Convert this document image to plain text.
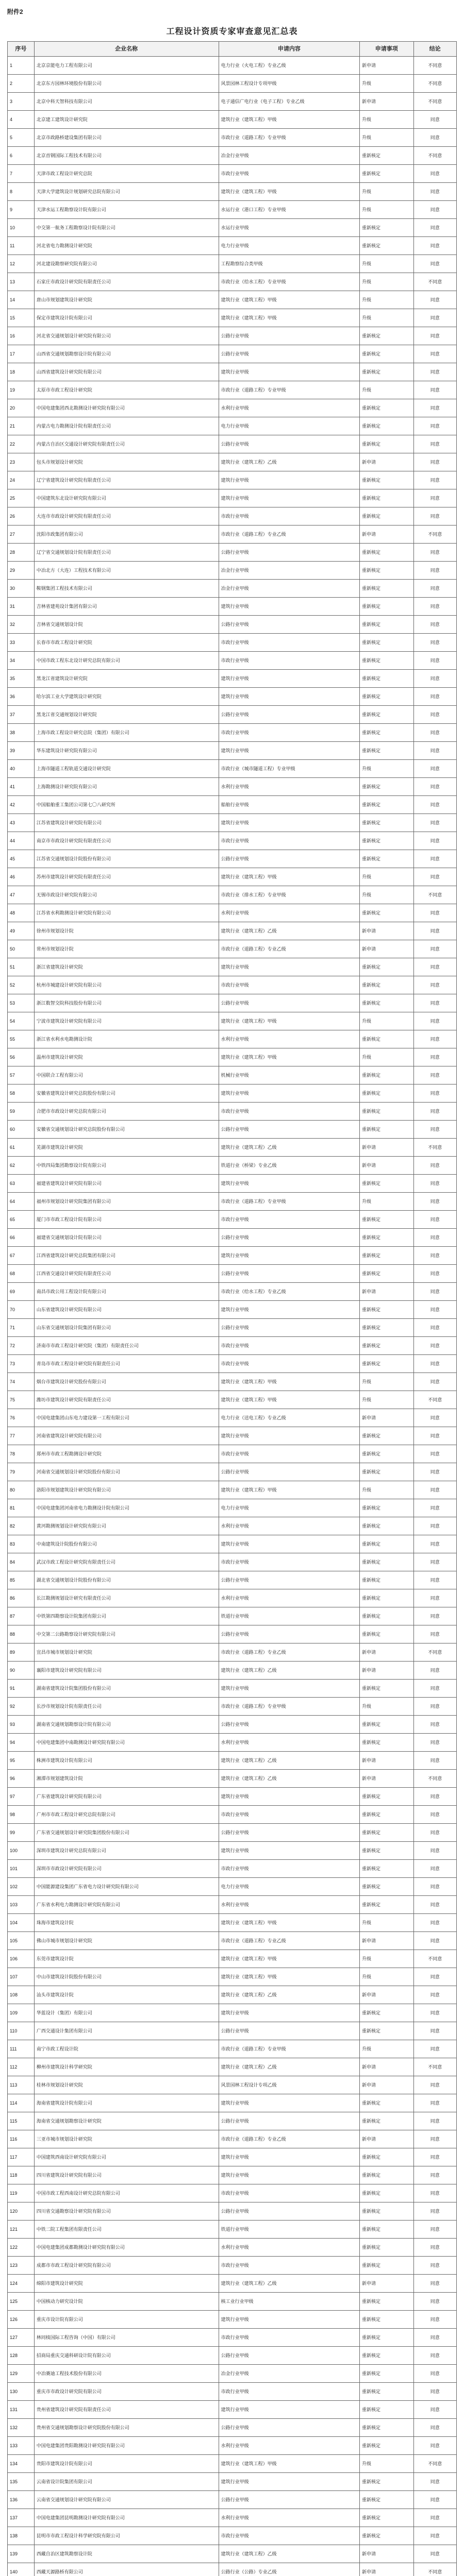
附件2
工程设计资质专家审查意见汇总表
序号	企业名称	申请内容	申请事项	结论
1	北京京能电力工程有限公司	电力行业（火电工程）专业乙级	新申请	不同意
2	北京东方园林环境股份有限公司	风景园林工程设计专项甲级	升级	不同意
3	北京中科天智科技有限公司	电子通信广电行业（电子工程）专业乙级	新申请	不同意
4	北京建工建筑设计研究院	建筑行业（建筑工程）甲级	升级	同意
5	北京市政路桥建设集团有限公司	市政行业（道路工程）专业甲级	升级	同意
6	北京首钢国际工程技术有限公司	冶金行业甲级	重新核定	不同意
7	天津市政工程设计研究总院	市政行业甲级	重新核定	同意
8	天津大学建筑设计规划研究总院有限公司	建筑行业（建筑工程）甲级	升级	同意
9	天津水运工程勘察设计院有限公司	水运行业（港口工程）专业甲级	升级	同意
10	中交第一航务工程勘察设计院有限公司	水运行业甲级	重新核定	同意
11	河北省电力勘测设计研究院	电力行业甲级	重新核定	同意
12	河北建设勘察研究院有限公司	工程勘察综合类甲级	升级	同意
13	石家庄市政设计研究院有限责任公司	市政行业（给水工程）专业甲级	升级	不同意
14	唐山市规划建筑设计研究院	建筑行业（建筑工程）甲级	升级	同意
15	保定市建筑设计院有限公司	建筑行业（建筑工程）甲级	升级	同意
16	河北省交通规划设计研究院有限公司	公路行业甲级	重新核定	同意
17	山西省交通规划勘察设计院有限公司	公路行业甲级	重新核定	同意
18	山西省建筑设计研究院有限公司	建筑行业甲级	重新核定	同意
19	太原市市政工程设计研究院	市政行业（道路工程）专业甲级	升级	同意
20	中国电建集团西北勘测设计研究院有限公司	水利行业甲级	重新核定	同意
21	内蒙古电力勘测设计院有限责任公司	电力行业甲级	重新核定	同意
22	内蒙古自治区交通设计研究院有限责任公司	公路行业甲级	重新核定	同意
23	包头市规划设计研究院	建筑行业（建筑工程）乙级	新申请	同意
24	辽宁省建筑设计研究院有限责任公司	建筑行业甲级	重新核定	同意
25	中国建筑东北设计研究院有限公司	建筑行业甲级	重新核定	同意
26	大连市市政设计研究院有限责任公司	市政行业甲级	重新核定	同意
27	沈阳市政集团有限公司	市政行业（道路工程）专业乙级	新申请	不同意
28	辽宁省交通规划设计院有限责任公司	公路行业甲级	重新核定	同意
29	中冶北方（大连）工程技术有限公司	冶金行业甲级	重新核定	同意
30	鞍钢集团工程技术有限公司	冶金行业甲级	重新核定	同意
31	吉林省建苑设计集团有限公司	建筑行业甲级	重新核定	同意
32	吉林省交通规划设计院	公路行业甲级	重新核定	同意
33	长春市市政工程设计研究院	市政行业甲级	重新核定	同意
34	中国市政工程东北设计研究总院有限公司	市政行业甲级	重新核定	同意
35	黑龙江省建筑设计研究院	建筑行业甲级	重新核定	同意
36	哈尔滨工业大学建筑设计研究院	建筑行业甲级	重新核定	同意
37	黑龙江省交通规划设计研究院	公路行业甲级	重新核定	同意
38	上海市政工程设计研究总院（集团）有限公司	市政行业甲级	重新核定	同意
39	华东建筑设计研究院有限公司	建筑行业甲级	重新核定	同意
40	上海市隧道工程轨道交通设计研究院	市政行业（城市隧道工程）专业甲级	升级	同意
41	上海勘测设计研究院有限公司	水利行业甲级	重新核定	同意
42	中国船舶重工集团公司第七〇八研究所	船舶行业甲级	重新核定	同意
43	江苏省建筑设计研究院有限公司	建筑行业甲级	重新核定	同意
44	南京市市政设计研究院有限责任公司	市政行业甲级	重新核定	同意
45	江苏省交通规划设计院股份有限公司	公路行业甲级	重新核定	同意
46	苏州市建筑设计研究院有限责任公司	建筑行业（建筑工程）甲级	升级	同意
47	无锡市政设计研究院有限公司	市政行业（排水工程）专业甲级	升级	不同意
48	江苏省水利勘测设计研究院有限公司	水利行业甲级	重新核定	同意
49	徐州市规划设计院	建筑行业（建筑工程）乙级	新申请	同意
50	常州市规划设计院	市政行业（道路工程）专业乙级	新申请	同意
51	浙江省建筑设计研究院	建筑行业甲级	重新核定	同意
52	杭州市城建设计研究院有限公司	市政行业甲级	重新核定	同意
53	浙江数智交院科技股份有限公司	公路行业甲级	重新核定	同意
54	宁波市建筑设计研究院有限公司	建筑行业（建筑工程）甲级	升级	同意
55	浙江省水利水电勘测设计院	水利行业甲级	重新核定	同意
56	温州市建筑设计研究院	建筑行业（建筑工程）甲级	升级	同意
57	中国联合工程有限公司	机械行业甲级	重新核定	同意
58	安徽省建筑设计研究总院股份有限公司	建筑行业甲级	重新核定	同意
59	合肥市市政设计研究总院有限公司	市政行业甲级	重新核定	同意
60	安徽省交通规划设计研究总院股份有限公司	公路行业甲级	重新核定	同意
61	芜湖市建筑设计研究院	建筑行业（建筑工程）乙级	新申请	不同意
62	中铁四局集团勘察设计院有限公司	铁道行业（桥梁）专业乙级	新申请	同意
63	福建省建筑设计研究院有限公司	建筑行业甲级	重新核定	同意
64	福州市规划设计研究院集团有限公司	市政行业（道路工程）专业甲级	升级	同意
65	厦门市市政工程设计院有限公司	市政行业甲级	重新核定	同意
66	福建省交通规划设计院有限公司	公路行业甲级	重新核定	同意
67	江西省建筑设计研究总院集团有限公司	建筑行业甲级	重新核定	同意
68	江西省交通设计研究院有限责任公司	公路行业甲级	重新核定	同意
69	南昌市政公用工程设计院有限公司	市政行业（给水工程）专业乙级	新申请	同意
70	山东省建筑设计研究院有限公司	建筑行业甲级	重新核定	同意
71	山东省交通规划设计院集团有限公司	公路行业甲级	重新核定	同意
72	济南市市政工程设计研究院（集团）有限责任公司	市政行业甲级	重新核定	同意
73	青岛市市政工程设计研究院有限责任公司	市政行业甲级	重新核定	同意
74	烟台市建筑设计研究股份有限公司	建筑行业（建筑工程）甲级	升级	同意
75	潍坊市建筑设计研究院有限责任公司	建筑行业（建筑工程）甲级	升级	不同意
76	中国电建集团山东电力建设第一工程有限公司	电力行业（送电工程）专业乙级	新申请	同意
77	河南省建筑设计研究院有限公司	建筑行业甲级	重新核定	同意
78	郑州市市政工程勘测设计研究院	市政行业甲级	重新核定	同意
79	河南省交通规划设计研究院股份有限公司	公路行业甲级	重新核定	同意
80	洛阳市规划建筑设计研究院有限公司	建筑行业（建筑工程）甲级	升级	同意
81	中国电建集团河南省电力勘测设计院有限公司	电力行业甲级	重新核定	同意
82	黄河勘测规划设计研究院有限公司	水利行业甲级	重新核定	同意
83	中南建筑设计院股份有限公司	建筑行业甲级	重新核定	同意
84	武汉市政工程设计研究院有限责任公司	市政行业甲级	重新核定	同意
85	湖北省交通规划设计院股份有限公司	公路行业甲级	重新核定	同意
86	长江勘测规划设计研究有限责任公司	水利行业甲级	重新核定	同意
87	中铁第四勘察设计院集团有限公司	铁道行业甲级	重新核定	同意
88	中交第二公路勘察设计研究院有限公司	公路行业甲级	重新核定	同意
89	宜昌市城市规划设计研究院	市政行业（道路工程）专业乙级	新申请	不同意
90	襄阳市建筑设计研究院有限公司	建筑行业（建筑工程）乙级	新申请	同意
91	湖南省建筑设计院集团股份有限公司	建筑行业甲级	重新核定	同意
92	长沙市规划设计院有限责任公司	市政行业（道路工程）专业甲级	升级	同意
93	湖南省交通规划勘察设计院有限公司	公路行业甲级	重新核定	同意
94	中国电建集团中南勘测设计研究院有限公司	水利行业甲级	重新核定	同意
95	株洲市建筑设计院有限公司	建筑行业（建筑工程）乙级	新申请	同意
96	湘潭市规划建筑设计院	建筑行业（建筑工程）乙级	新申请	不同意
97	广东省建筑设计研究院有限公司	建筑行业甲级	重新核定	同意
98	广州市市政工程设计研究总院有限公司	市政行业甲级	重新核定	同意
99	广东省交通规划设计研究院集团股份有限公司	公路行业甲级	重新核定	同意
100	深圳市建筑设计研究总院有限公司	建筑行业甲级	重新核定	同意
101	深圳市市政设计研究院有限公司	市政行业甲级	重新核定	同意
102	中国能源建设集团广东省电力设计研究院有限公司	电力行业甲级	重新核定	同意
103	广东省水利电力勘测设计研究院有限公司	水利行业甲级	重新核定	同意
104	珠海市建筑设计院	建筑行业（建筑工程）甲级	升级	同意
105	佛山市城市规划设计研究院	市政行业（道路工程）专业乙级	新申请	同意
106	东莞市建筑设计院	建筑行业（建筑工程）甲级	升级	不同意
107	中山市建筑设计院股份有限公司	建筑行业（建筑工程）甲级	升级	同意
108	汕头市建筑设计院	建筑行业（建筑工程）乙级	新申请	同意
109	华蓝设计（集团）有限公司	建筑行业甲级	重新核定	同意
110	广西交通设计集团有限公司	公路行业甲级	重新核定	同意
111	南宁市政工程设计院	市政行业（道路工程）专业甲级	升级	同意
112	柳州市建筑设计科学研究院	建筑行业（建筑工程）乙级	新申请	不同意
113	桂林市规划设计研究院	风景园林工程设计专项乙级	新申请	同意
114	海南省建筑设计院有限公司	建筑行业甲级	重新核定	同意
115	海南省交通规划勘察设计研究院	公路行业甲级	重新核定	同意
116	三亚市城市规划设计研究院	市政行业（道路工程）专业乙级	新申请	同意
117	中国建筑西南设计研究院有限公司	建筑行业甲级	重新核定	同意
118	四川省建筑设计研究院有限公司	建筑行业甲级	重新核定	同意
119	中国市政工程西南设计研究总院有限公司	市政行业甲级	重新核定	同意
120	四川省交通勘察设计研究院有限公司	公路行业甲级	重新核定	同意
121	中铁二院工程集团有限责任公司	铁道行业甲级	重新核定	同意
122	中国电建集团成都勘测设计研究院有限公司	水利行业甲级	重新核定	同意
123	成都市市政工程设计研究院有限公司	市政行业甲级	重新核定	同意
124	绵阳市建筑设计研究院	建筑行业（建筑工程）乙级	新申请	同意
125	中国核动力研究设计院	核工业行业甲级	重新核定	同意
126	重庆市设计院有限公司	建筑行业甲级	重新核定	同意
127	林同棪国际工程咨询（中国）有限公司	市政行业甲级	重新核定	同意
128	招商局重庆交通科研设计院有限公司	公路行业甲级	重新核定	同意
129	中冶赛迪工程技术股份有限公司	冶金行业甲级	重新核定	同意
130	重庆市市政设计研究院有限公司	市政行业甲级	重新核定	同意
131	贵州省建筑设计研究院有限责任公司	建筑行业甲级	重新核定	同意
132	贵州省交通规划勘察设计研究院股份有限公司	公路行业甲级	重新核定	同意
133	中国电建集团贵阳勘测设计研究院有限公司	水利行业甲级	重新核定	同意
134	贵阳市建筑设计院有限公司	建筑行业（建筑工程）甲级	升级	不同意
135	云南省设计院集团有限公司	建筑行业甲级	重新核定	同意
136	云南省交通规划设计研究院有限公司	公路行业甲级	重新核定	同意
137	中国电建集团昆明勘测设计研究院有限公司	水利行业甲级	重新核定	同意
138	昆明市市政工程设计科学研究院有限公司	市政行业甲级	重新核定	同意
139	西藏自治区建筑勘察设计院	建筑行业（建筑工程）乙级	新申请	同意
140	西藏天源路桥有限公司	公路行业（公路）专业乙级	新申请	不同意
